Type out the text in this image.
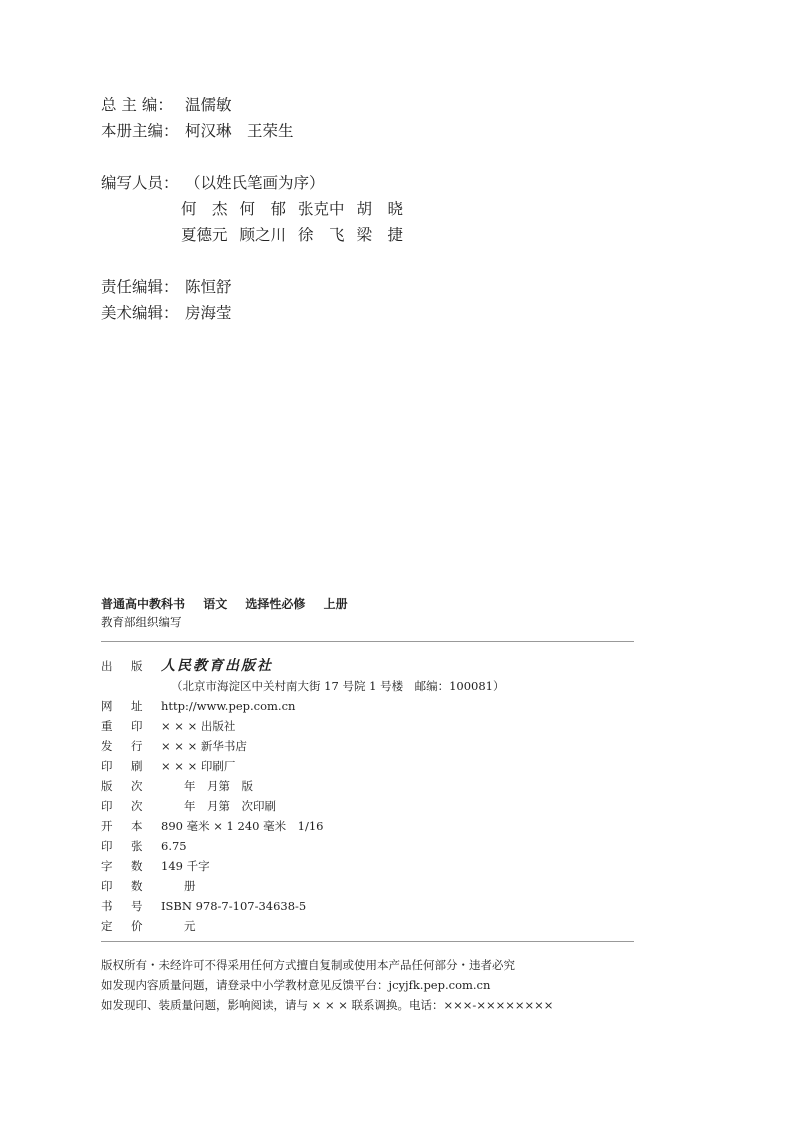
总 主 编： 温儒敏
本册主编： 柯汉琳　王荣生
编写人员： （以姓氏笔画为序）
何　杰 何　郁 张克中 胡　晓
夏德元 顾之川 徐　飞 梁　捷
责任编辑： 陈恒舒
美术编辑： 房海莹
普通高中教科书 语文 选择性必修 上册
教育部组织编写
出 版	人民教育出版社
（北京市海淀区中关村南大街 17 号院 1 号楼　邮编：100081）
网 址	http://www.pep.com.cn
重 印	× × × 出版社
发 行	× × × 新华书店
印 刷	× × × 印刷厂
版 次	　　年　月第　版
印 次	　　年　月第　次印刷
开 本	890 毫米 × 1 240 毫米　1/16
印 张	6.75
字 数	149 千字
印 数	　　册
书 号	ISBN 978-7-107-34638-5
定 价	　　元
版权所有・未经许可不得采用任何方式擅自复制或使用本产品任何部分・违者必究
如发现内容质量问题，请登录中小学教材意见反馈平台：jcyjfk.pep.com.cn
如发现印、装质量问题，影响阅读，请与 × × × 联系调换。电话：×××-××××××××
